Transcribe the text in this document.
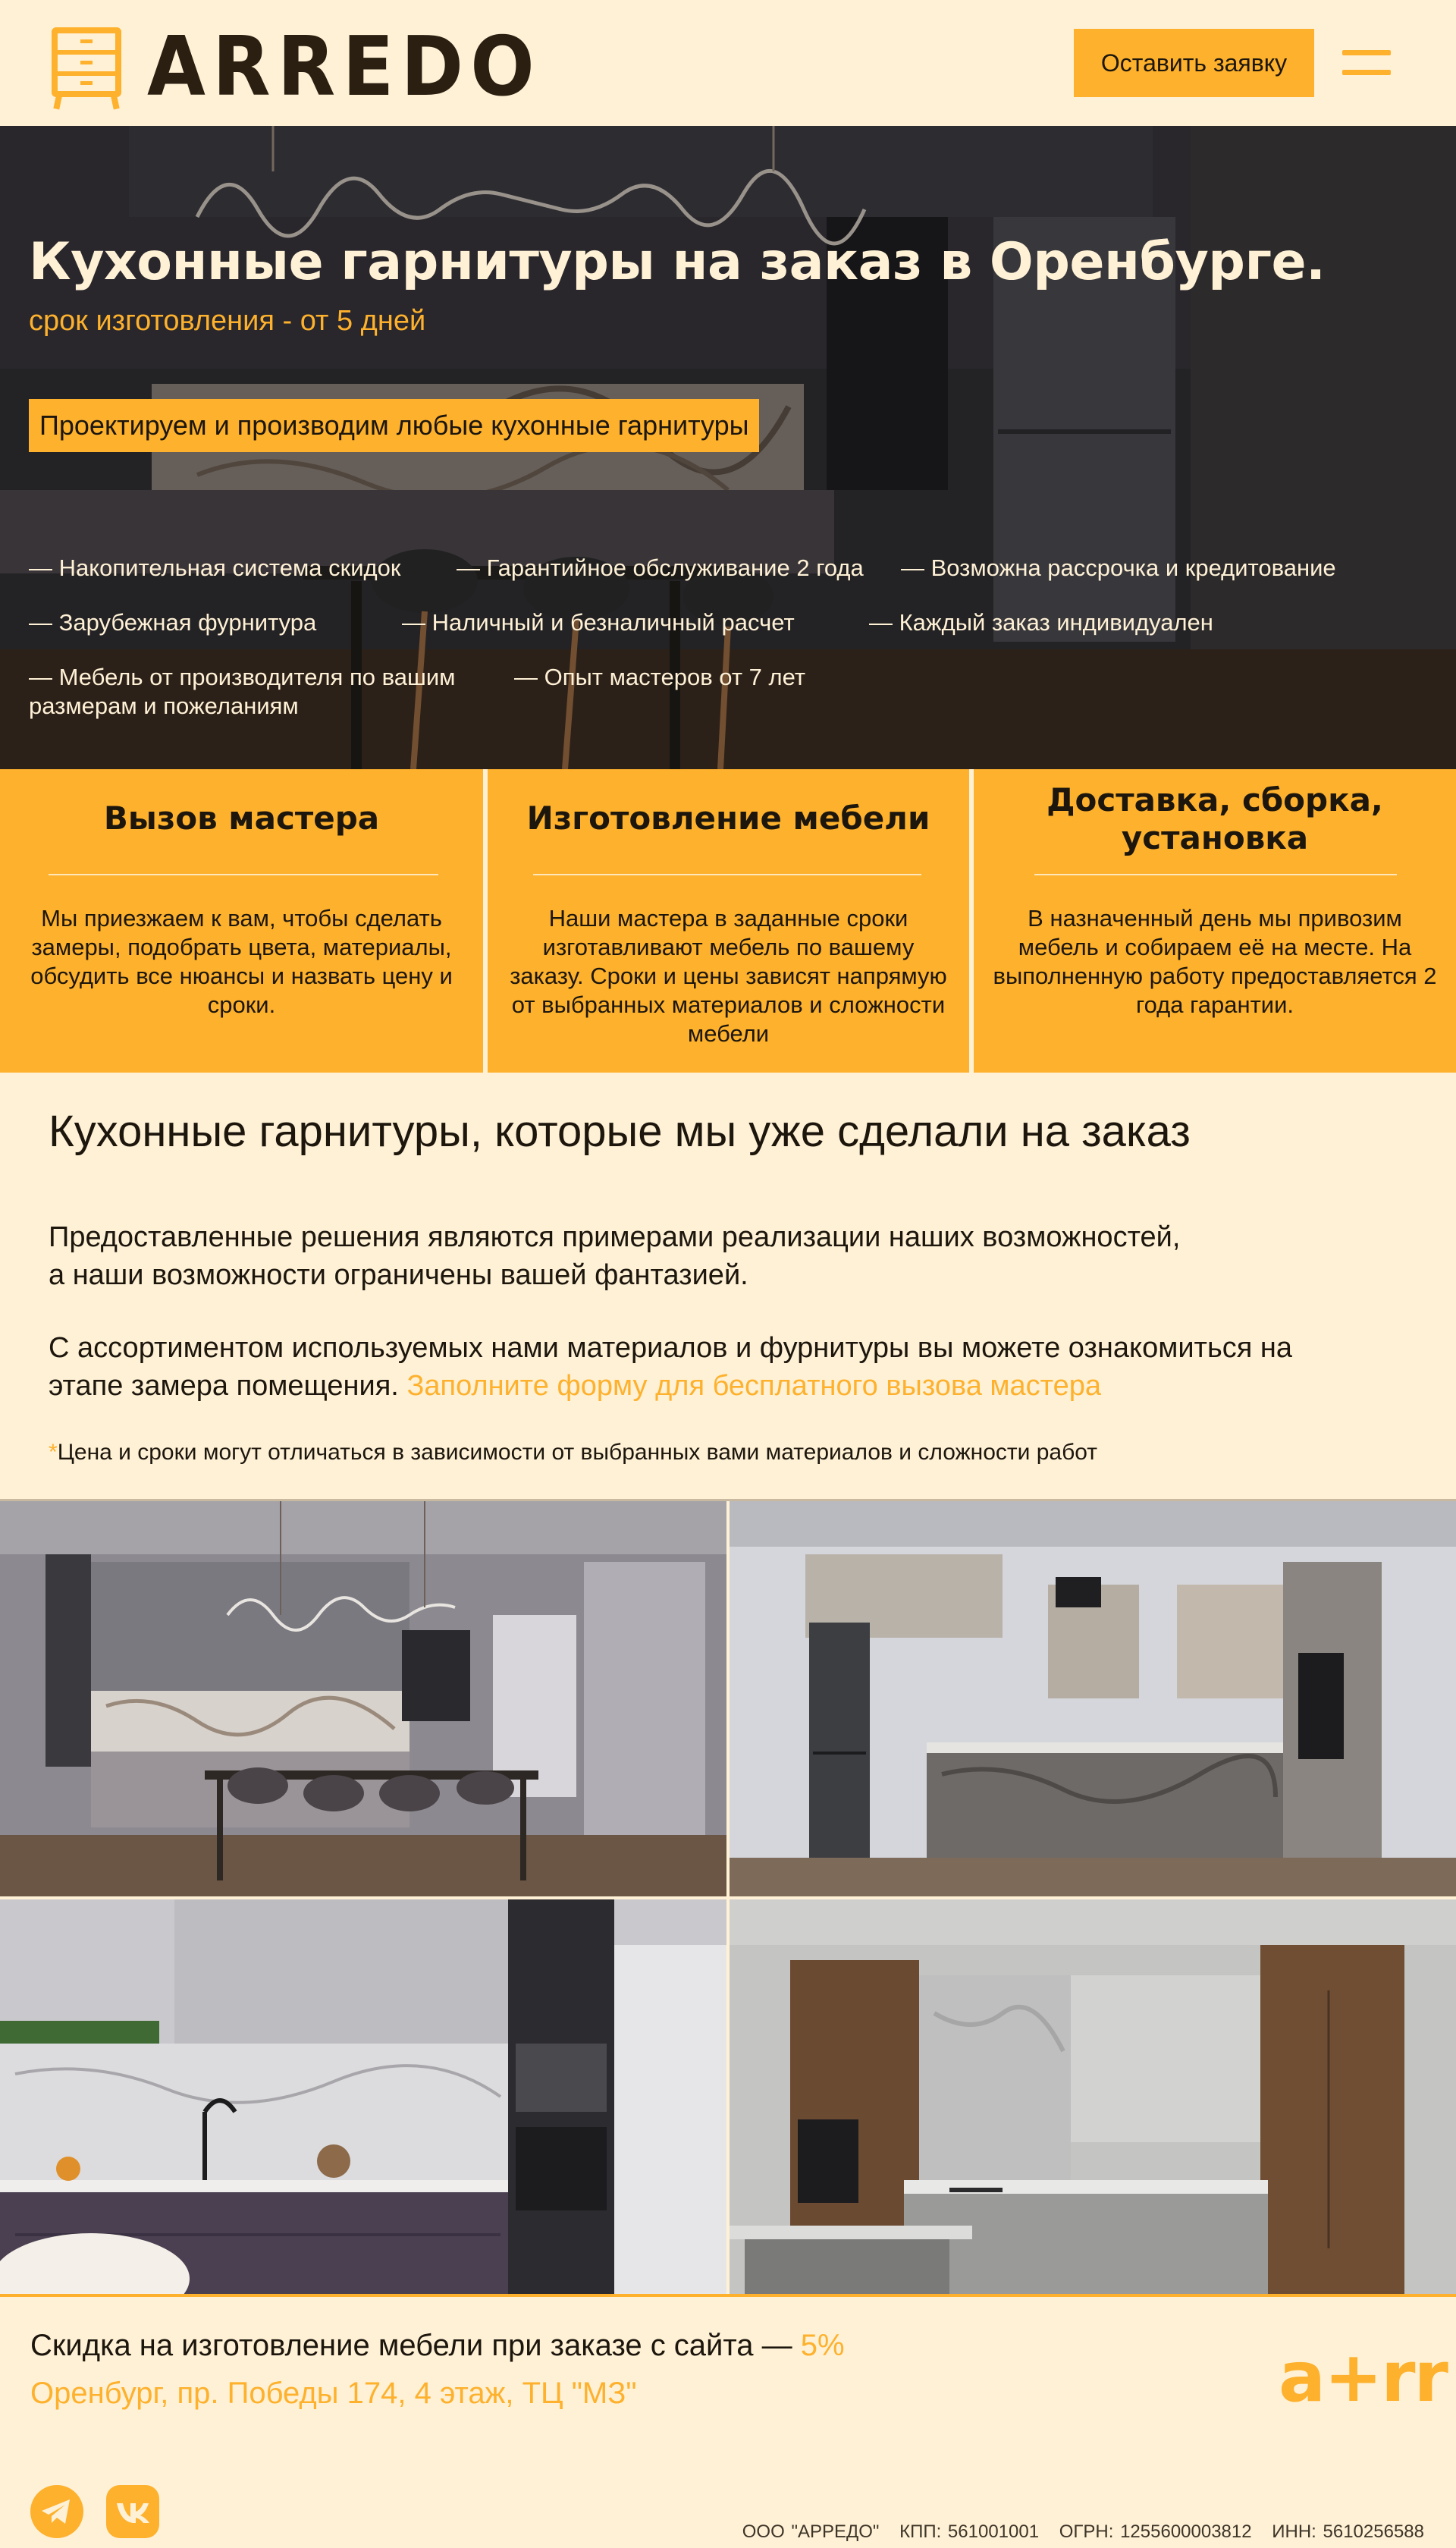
ARREDO	Оставить заявку
Кухонные гарнитуры на заказ в Оренбурге.
срок изготовления - от 5 дней
Проектируем и производим любые кухонные гарнитуры
— Накопительная система скидок — Гарантийное обслуживание 2 года — Возможна рассрочка и кредитование
— Зарубежная фурнитура	— Наличный и безналичный расчет	— Каждый заказ индивидуален
— Мебель от производителя по вашим
размерам и пожеланиям
— Опыт мастеров от 7 лет
Вызов мастера
Мы приезжаем к вам, чтобы сделать замеры, подобрать цвета, материалы, обсудить все нюансы и назвать цену и сроки.
Изготовление мебели
Наши мастера в заданные сроки изготавливают мебель по вашему заказу. Сроки и цены зависят напрямую от выбранных материалов и сложности мебели
Доставка, сборка, установка
В назначенный день мы привозим мебель и собираем её на месте. На выполненную работу предоставляется 2 года гарантии.
Кухонные гарнитуры, которые мы уже сделали на заказ
Предоставленные решения являются примерами реализации наших возможностей,
а наши возможности ограничены вашей фантазией.
С ассортиментом используемых нами материалов и фурнитуры вы можете ознакомиться на
этапе замера помещения. Заполните форму для бесплатного вызова мастера
*Цена и сроки могут отличаться в зависимости от выбранных вами материалов и сложности работ
Скидка на изготовление мебели при заказе с сайта — 5%
Оренбург, пр. Победы 174, 4 этаж, ТЦ "МЗ"	a+rr
ООО "АРРЕДО" КПП: 561001001 ОГРН: 1255600003812 ИНН: 5610256588
